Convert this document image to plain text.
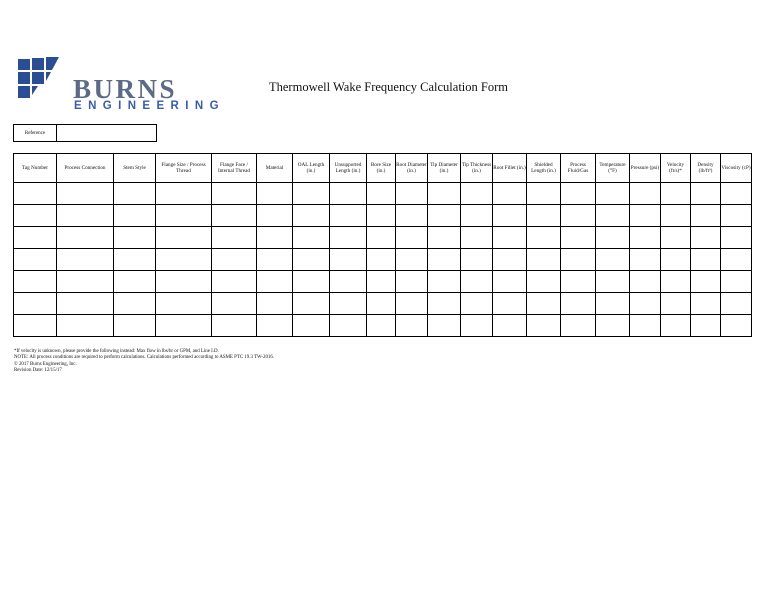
BURNS
ENGINEERING
Thermowell Wake Frequency Calculation Form
Reference	
Tag Number	Process Connection	Stem Style	Flange Size / Process Thread	Flange Face / Internal Thread	Material	OAL Length (in.)	Unsupported Length (in.)	Bore Size (in.)	Root Diameter (in.)	Tip Diameter (in.)	Tip Thickness (in.)	Root Fillet (in.)	Shielded Length (in.)	Process Fluid/Gas	Temperature (°F)	Pressure (psi)	Velocity (ft/s)*	Density (lb/ft³)	Viscosity (cP)

*If velocity is unknown, please provide the following instead: Max flow in lbs/hr or GPM, and Line I.D.
NOTE: All process conditions are required to perform calculations. Calculations performed according to ASME PTC 19.3 TW-2016.
© 2017 Burns Engineering, Inc.
Revision Date: 12/15/17
